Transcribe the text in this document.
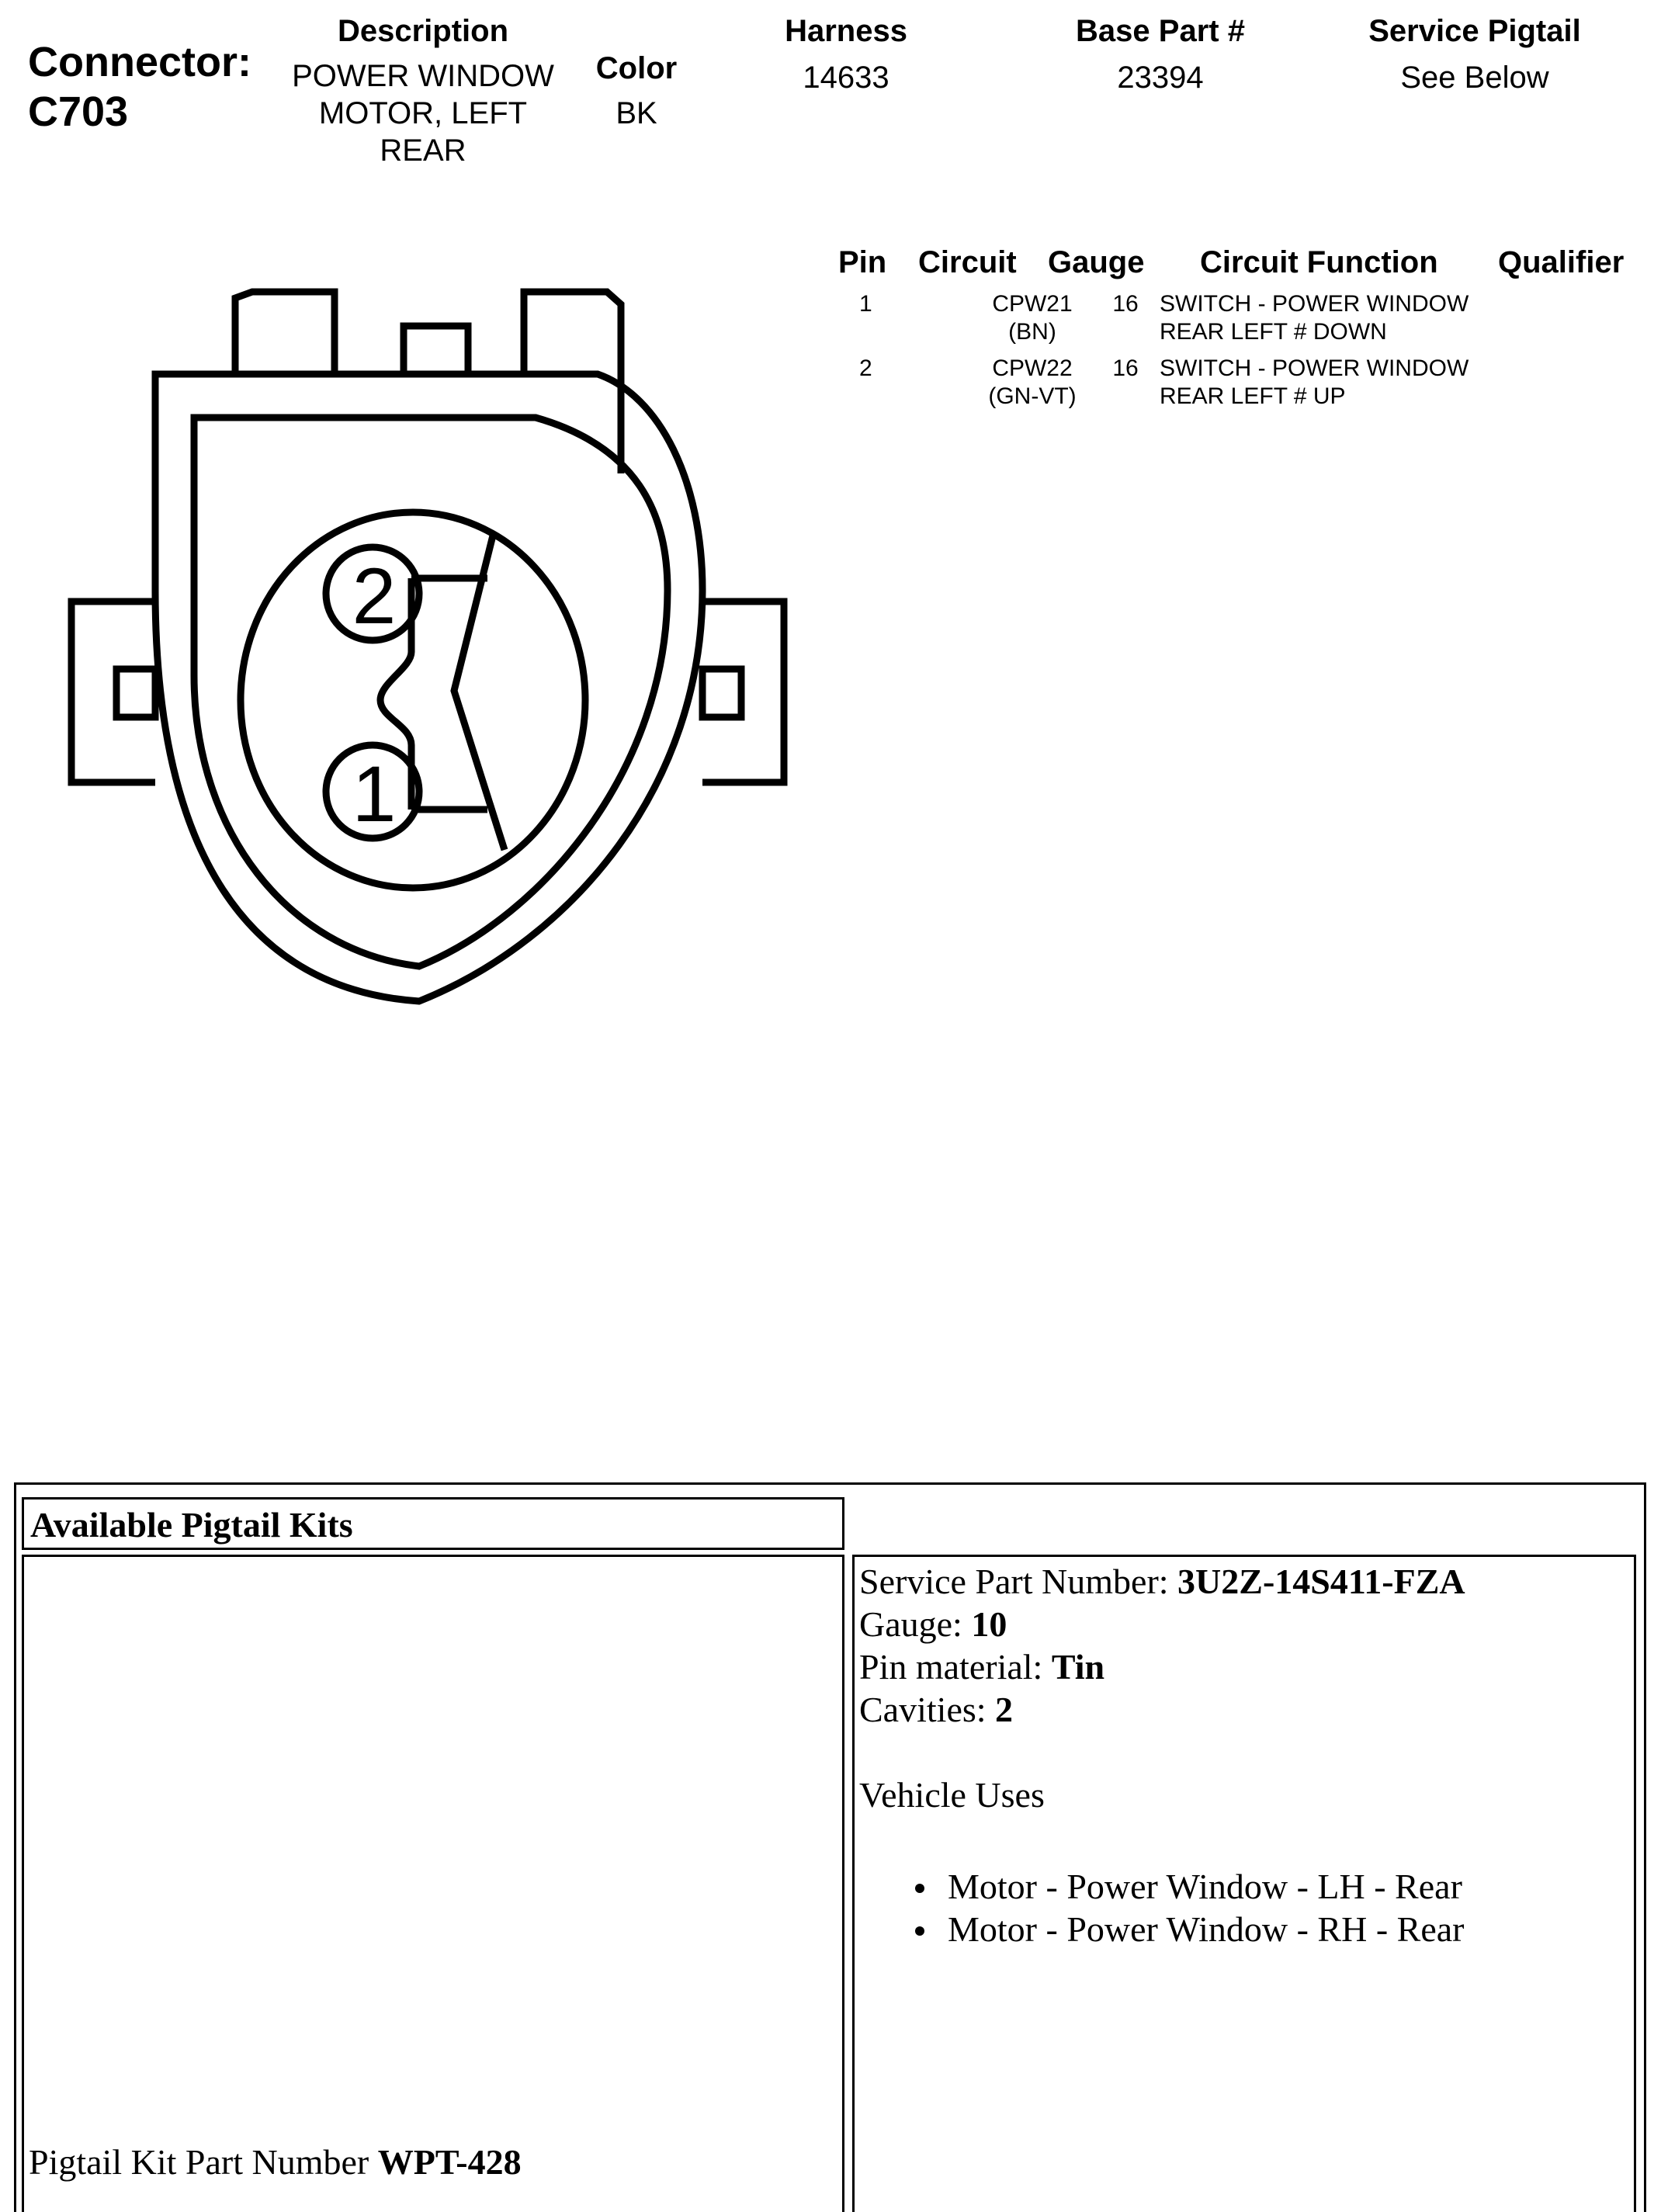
Connector:
C703
Description
POWER WINDOW
MOTOR, LEFT
REAR
Color
BK
Harness
14633
Base Part #
23394
Service Pigtail
See Below
Pin Circuit Gauge Circuit Function Qualifier
1	CPW21
(BN)
16 SWITCH - POWER WINDOW
REAR LEFT # DOWN
2	CPW22
(GN-VT)
16 SWITCH - POWER WINDOW
REAR LEFT # UP
2
1
Available Pigtail Kits
Pigtail Kit Part Number WPT-428
Service Part Number: 3U2Z-14S411-FZA
Gauge: 10
Pin material: Tin
Cavities: 2
Vehicle Uses
Motor - Power Window - LH - Rear
Motor - Power Window - RH - Rear
